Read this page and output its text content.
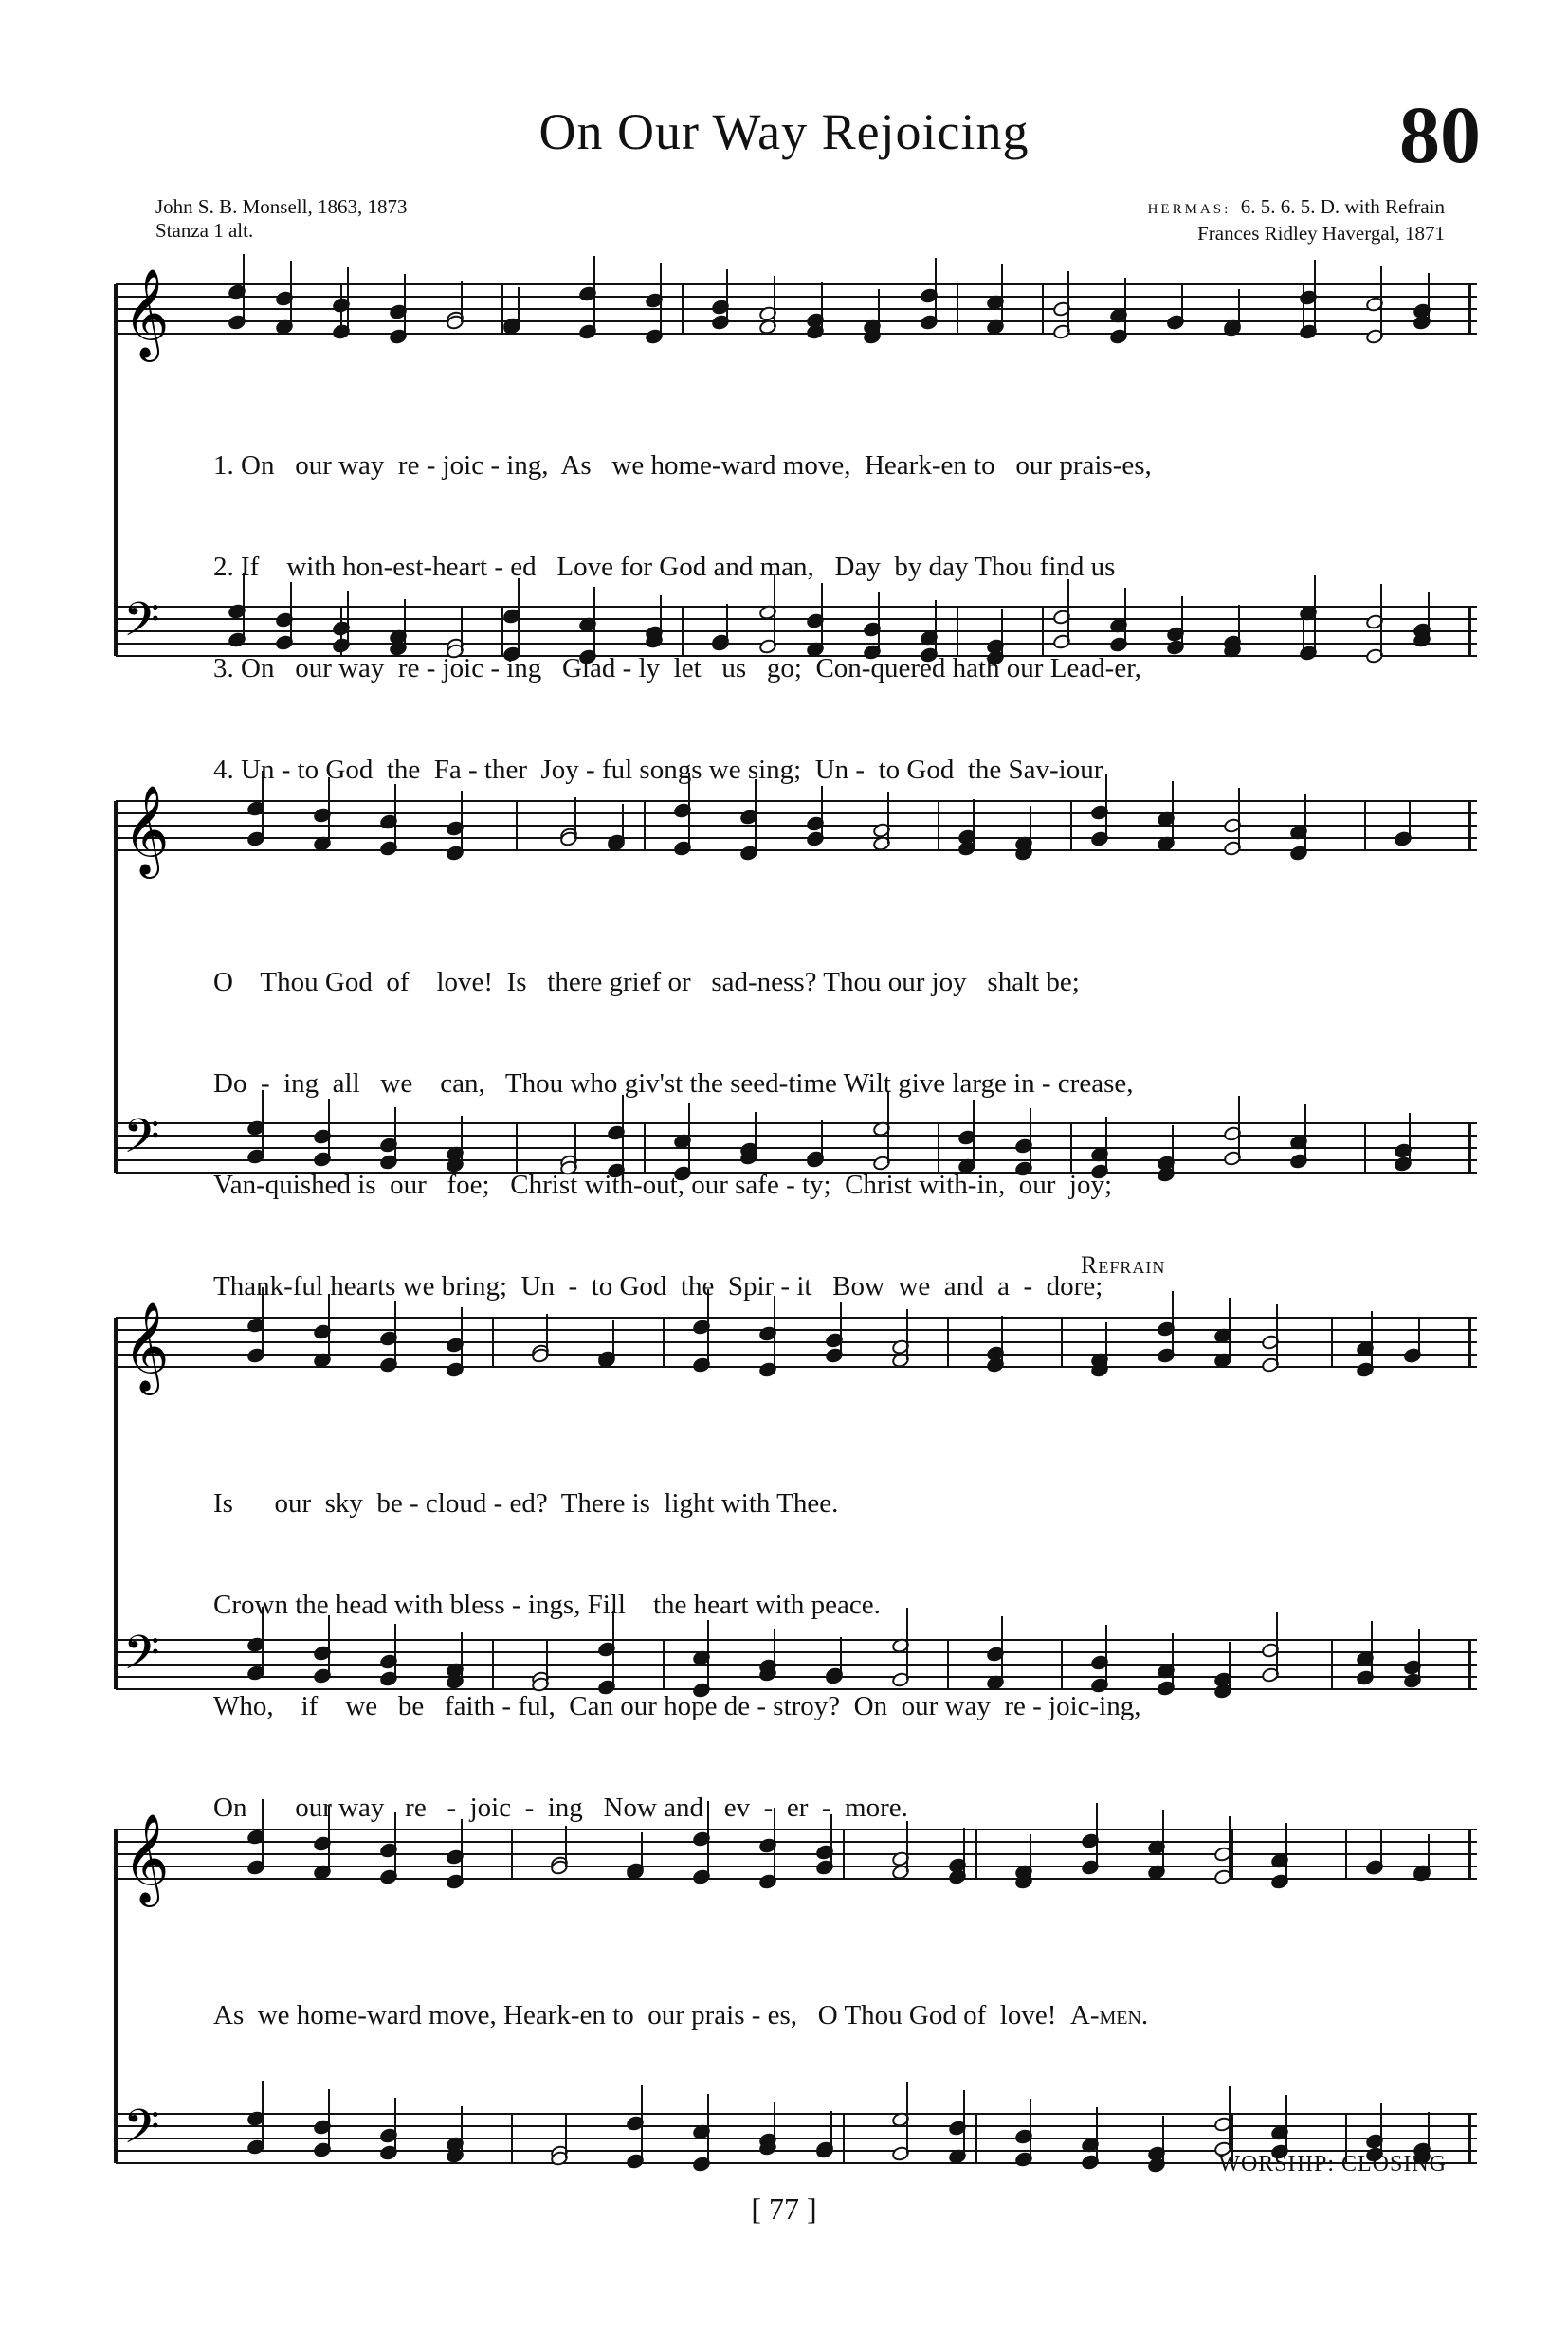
On Our Way Rejoicing	80
John S. B. Monsell, 1863, 1873
Stanza 1 alt.
HERMAS: 6. 5. 6. 5. D. with Refrain
Frances Ridley Havergal, 1871
𝄞
𝄢
𝄞
𝄢
𝄞
𝄢
𝄞
𝄢

1. On   our way  re - joic - ing,  As   we home-ward move,  Heark-en to   our prais-es,

2. If    with hon-est-heart - ed   Love for God and man,   Day  by day Thou find us

3. On   our way  re - joic - ing   Glad - ly  let   us   go;  Con-quered hath our Lead-er,

4. Un - to God  the  Fa - ther  Joy - ful songs we sing;  Un -  to God  the Sav-iour

O    Thou God  of    love!  Is   there grief or   sad-ness? Thou our joy   shalt be;

Do  -  ing  all   we    can,   Thou who giv'st the seed-time Wilt give large in - crease,

Van-quished is  our   foe;   Christ with-out, our safe - ty;  Christ with-in,  our  joy;

Thank-ful hearts we bring;  Un  -  to God  the  Spir - it   Bow  we  and  a  -  dore;

Refrain

Is      our  sky  be - cloud - ed?  There is  light with Thee.

Crown the head with bless - ings, Fill    the heart with peace.

Who,    if    we   be   faith - ful,  Can our hope de - stroy?  On  our way  re - joic-ing,

On       our way   re   -  joic  -  ing   Now and   ev  -  er  -  more.

As  we home-ward move, Heark-en to  our prais - es,   O Thou God of  love! A-men.

WORSHIP: CLOSING
[ 77 ]
